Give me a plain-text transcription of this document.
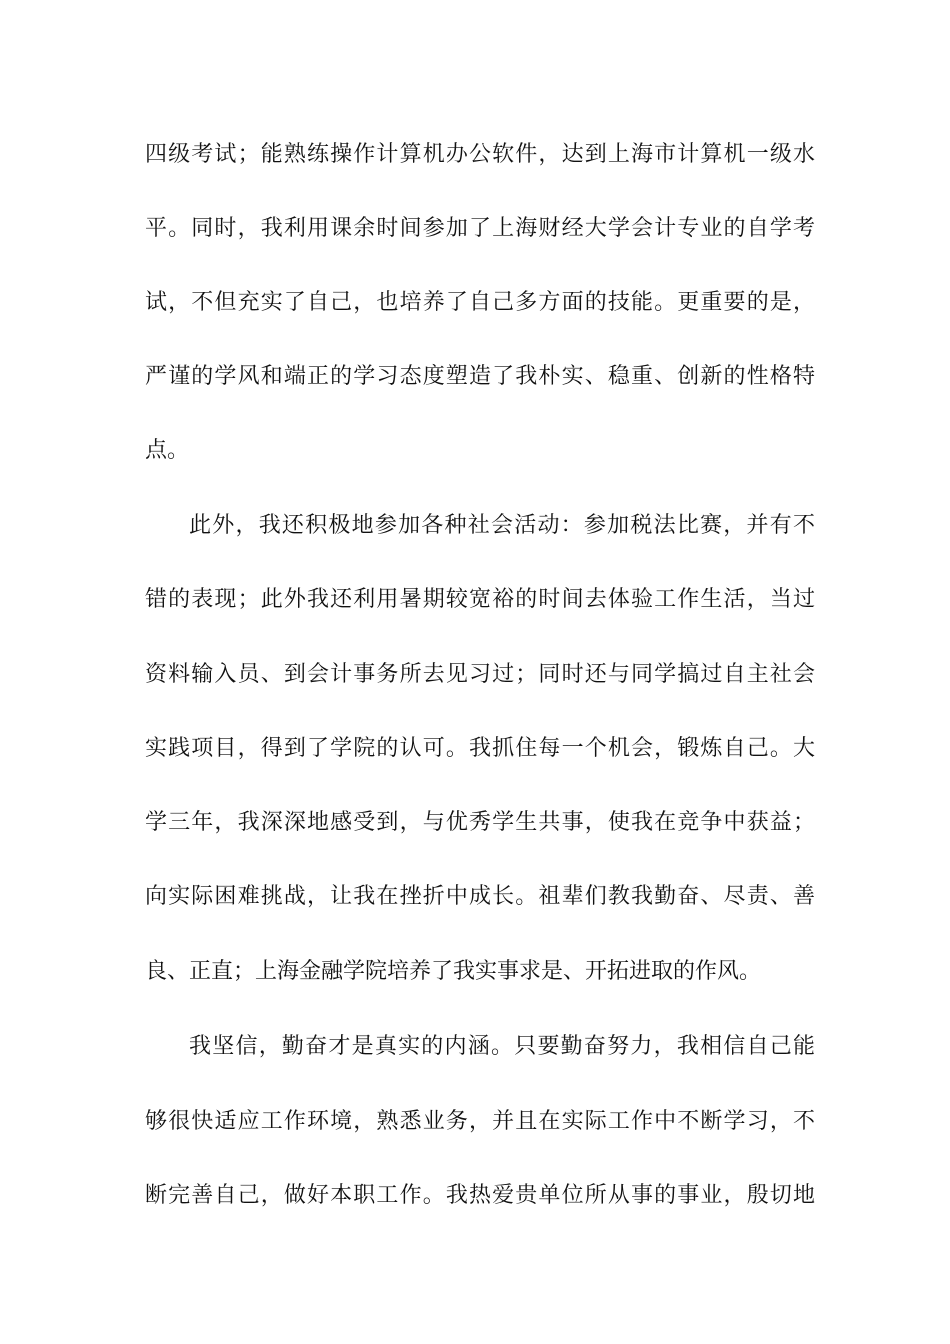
四级考试；能熟练操作计算机办公软件，达到上海市计算机一级水

平。同时，我利用课余时间参加了上海财经大学会计专业的自学考

试，不但充实了自己，也培养了自己多方面的技能。更重要的是，

严谨的学风和端正的学习态度塑造了我朴实、稳重、创新的性格特

点。

此外，我还积极地参加各种社会活动：参加税法比赛，并有不

错的表现；此外我还利用暑期较宽裕的时间去体验工作生活，当过

资料输入员、到会计事务所去见习过；同时还与同学搞过自主社会

实践项目，得到了学院的认可。我抓住每一个机会，锻炼自己。大

学三年，我深深地感受到，与优秀学生共事，使我在竞争中获益；

向实际困难挑战，让我在挫折中成长。祖辈们教我勤奋、尽责、善

良、正直；上海金融学院培养了我实事求是、开拓进取的作风。

我坚信，勤奋才是真实的内涵。只要勤奋努力，我相信自己能

够很快适应工作环境，熟悉业务，并且在实际工作中不断学习，不

断完善自己，做好本职工作。我热爱贵单位所从事的事业，殷切地
